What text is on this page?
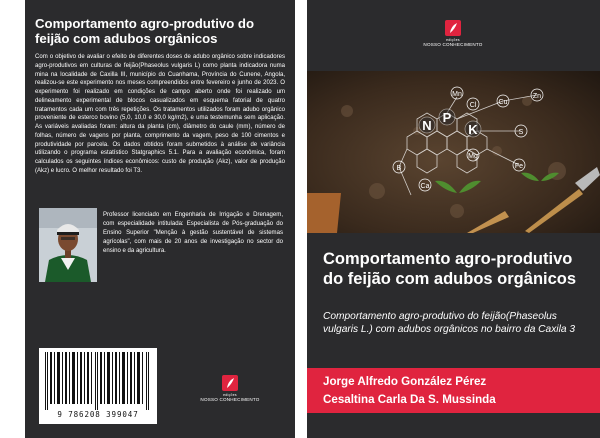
Comportamento agro-produtivo do feijão com adubos orgânicos

Com o objetivo de avaliar o efeito de diferentes doses de adubo orgânico sobre indicadores agro-produtivos em culturas de feijão(Phaseolus vulgaris L) como planta indicadora numa mina na localidade de Caxilla III, município do Cuanhama, Província do Cunene, Angola, realizou-se este experimento nos meses compreendidos entre fevereiro e junho de 2023. O experimento foi realizado em condições de campo aberto onde foi realizado um delineamento experimental de blocos casualizados em esquema fatorial de quatro tratamentos cada um com três repetições. Os tratamentos utilizados foram adubo orgânico proveniente de esterco bovino (5,0, 10,0 e 30,0 kg/m2), e uma testemunha sem aplicação. As variáveis avaliadas foram: altura da planta (cm), diâmetro do caule (mm), número de folhas, número de vagens por planta, comprimento da vagem, peso de 100 cimentos e produtividade por parcela. Os dados obtidos foram submetidos à análise de variância utilizando o programa estatístico Statgraphics 5.1. Para a avaliação econômica, foram calculados os seguintes índices econômicos: custo de produção (Akz), valor de produção (Akz) e lucro. O melhor resultado foi T3.

Professor licenciado em Engenharia de Irrigação e Drenagem, com especialidade intitulada: Especialista de Pós-graduação do Ensino Superior "Menção à gestão sustentável de sistemas agrícolas", com mais de 20 anos de investigação no sector do ensino e da agricultura.

9 786208 399047
edições
NOSSO CONHECIMENTO
edições
NOSSO CONHECIMENTO
N
P
K
Cl	Cu
Zn
Mn
S
Mg
Fe
Ca
B
Comportamento agro-produtivo do feijão com adubos orgânicos

Comportamento agro-produtivo do feijão(Phaseolus vulgaris L.) com adubos orgânicos no bairro da Caxila 3

Jorge Alfredo González Pérez
Cesaltina Carla Da S. Mussinda
